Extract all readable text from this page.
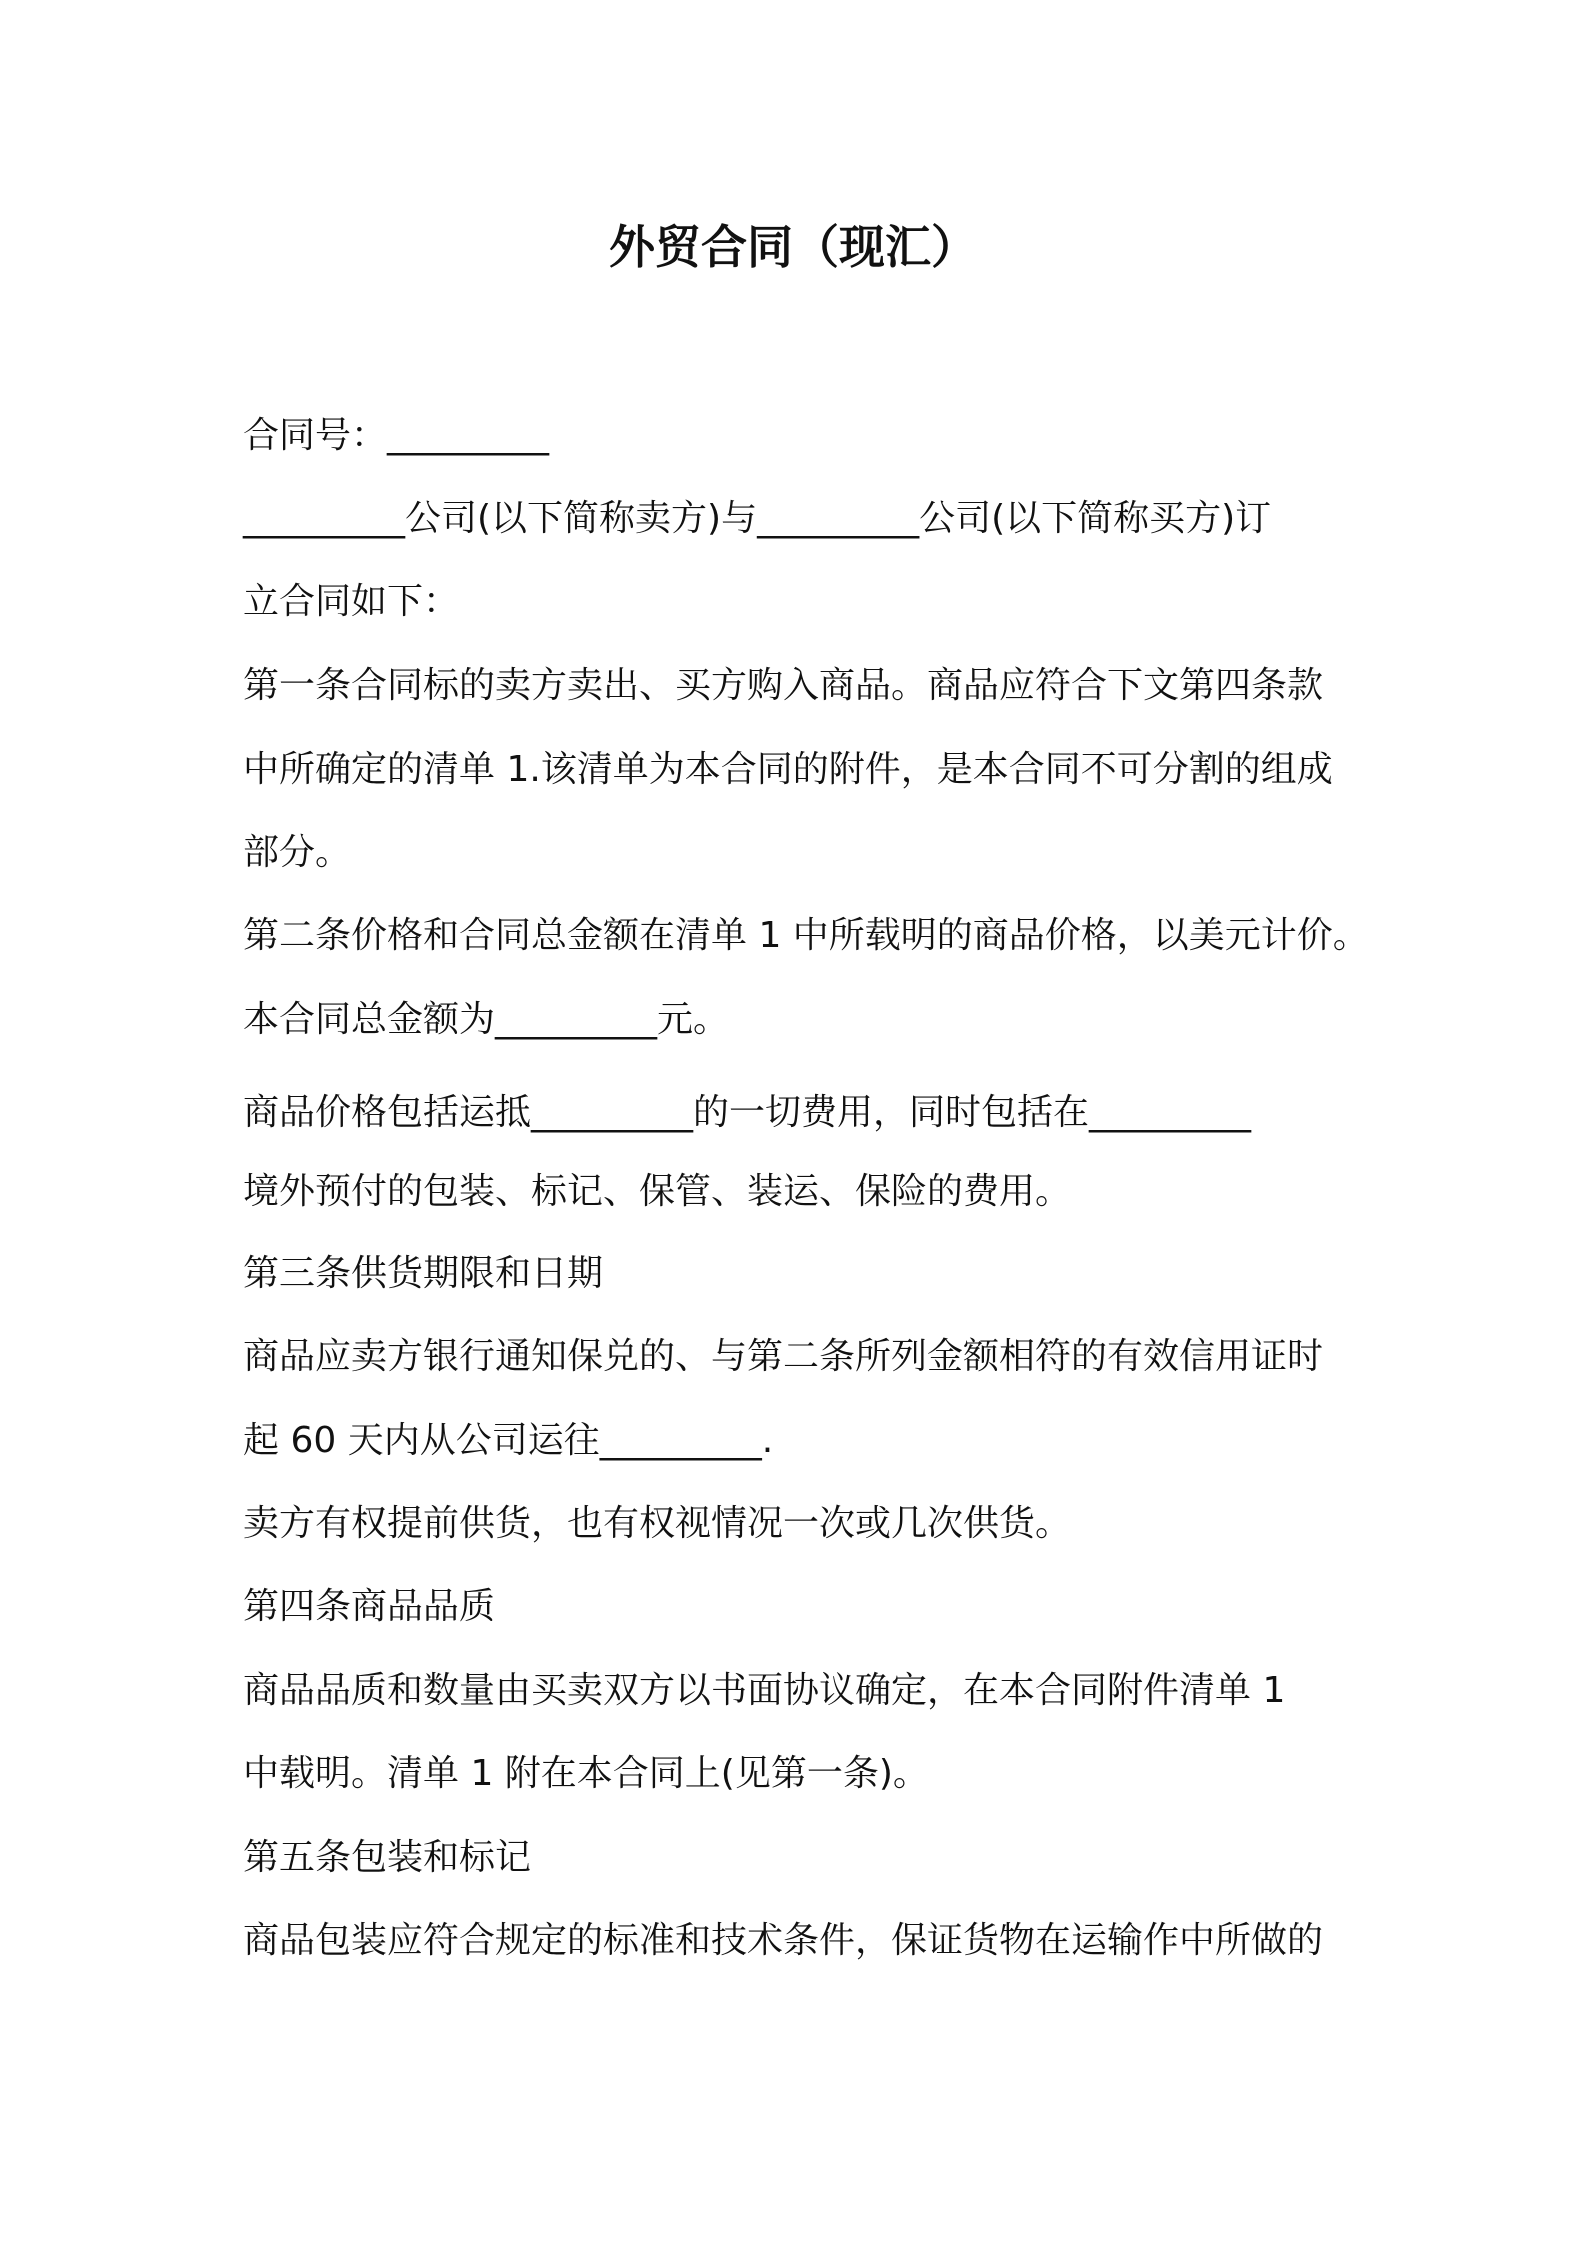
外贸合同（现汇）

合同号：_________

_________公司(以下简称卖方)与_________公司(以下简称买方)订

立合同如下：

第一条合同标的卖方卖出、买方购入商品。商品应符合下文第四条款

中所确定的清单 1.该清单为本合同的附件，是本合同不可分割的组成

部分。

第二条价格和合同总金额在清单 1 中所载明的商品价格，以美元计价。

本合同总金额为_________元。

商品价格包括运抵_________的一切费用，同时包括在_________

境外预付的包装、标记、保管、装运、保险的费用。

第三条供货期限和日期

商品应卖方银行通知保兑的、与第二条所列金额相符的有效信用证时

起 60 天内从公司运往_________.

卖方有权提前供货，也有权视情况一次或几次供货。

第四条商品品质

商品品质和数量由买卖双方以书面协议确定，在本合同附件清单 1

中载明。清单 1 附在本合同上(见第一条)。

第五条包装和标记

商品包装应符合规定的标准和技术条件，保证货物在运输作中所做的
